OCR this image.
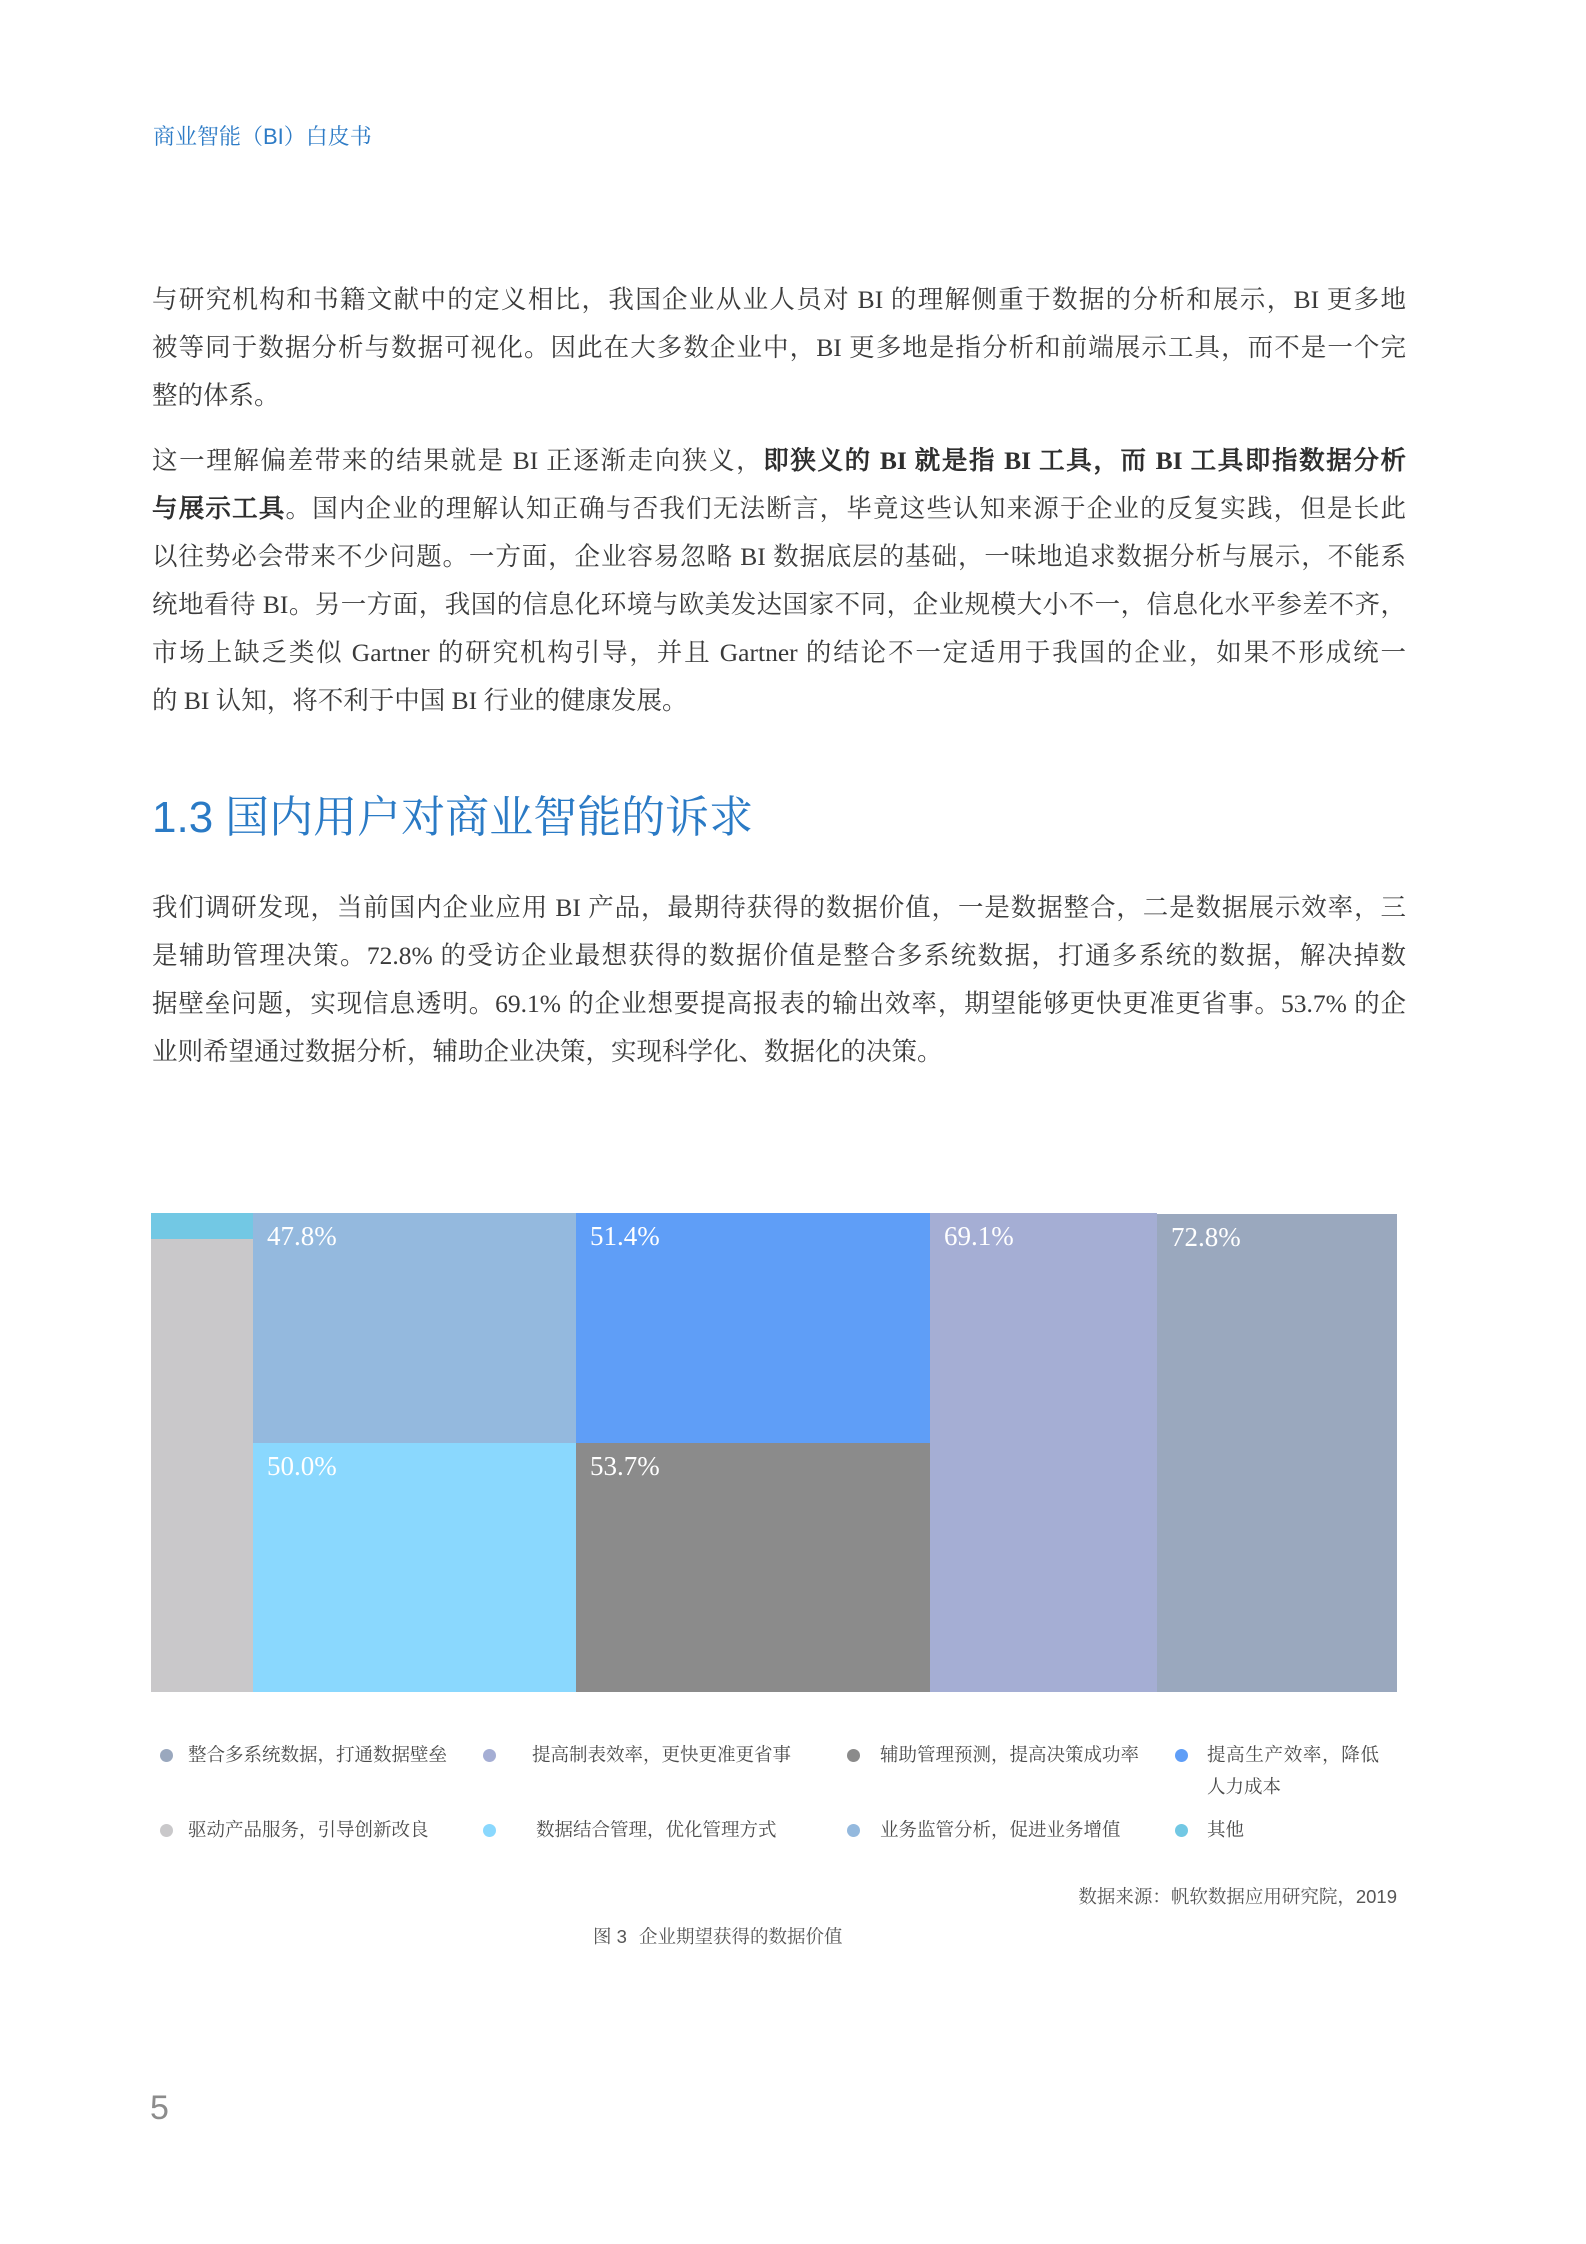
商业智能（BI）白皮书
与研究机构和书籍文献中的定义相比，我国企业从业人员对 BI 的理解侧重于数据的分析和展示，BI 更多地
被等同于数据分析与数据可视化。因此在大多数企业中，BI 更多地是指分析和前端展示工具，而不是一个完
整的体系。
这一理解偏差带来的结果就是 BI 正逐渐走向狭义，即狭义的 BI 就是指 BI 工具，而 BI 工具即指数据分析
与展示工具。国内企业的理解认知正确与否我们无法断言，毕竟这些认知来源于企业的反复实践，但是长此
以往势必会带来不少问题。一方面，企业容易忽略 BI 数据底层的基础，一味地追求数据分析与展示，不能系
统地看待 BI。另一方面，我国的信息化环境与欧美发达国家不同，企业规模大小不一，信息化水平参差不齐，
市场上缺乏类似 Gartner 的研究机构引导，并且 Gartner 的结论不一定适用于我国的企业，如果不形成统一
的 BI 认知，将不利于中国 BI 行业的健康发展。
1.3 国内用户对商业智能的诉求
我们调研发现，当前国内企业应用 BI 产品，最期待获得的数据价值，一是数据整合，二是数据展示效率，三
是辅助管理决策。72.8% 的受访企业最想获得的数据价值是整合多系统数据，打通多系统的数据，解决掉数
据壁垒问题，实现信息透明。69.1% 的企业想要提高报表的输出效率，期望能够更快更准更省事。53.7% 的企
业则希望通过数据分析，辅助企业决策，实现科学化、数据化的决策。
47.8%
50.0%
51.4%
53.7%
69.1%	72.8%
整合多系统数据，打通数据壁垒	提高制表效率，更快更准更省事	辅助管理预测，提高决策成功率	提高生产效率，降低人力成本
驱动产品服务，引导创新改良	数据结合管理，优化管理方式	业务监管分析，促进业务增值	其他
数据来源：帆软数据应用研究院，2019
图 3 企业期望获得的数据价值
5
